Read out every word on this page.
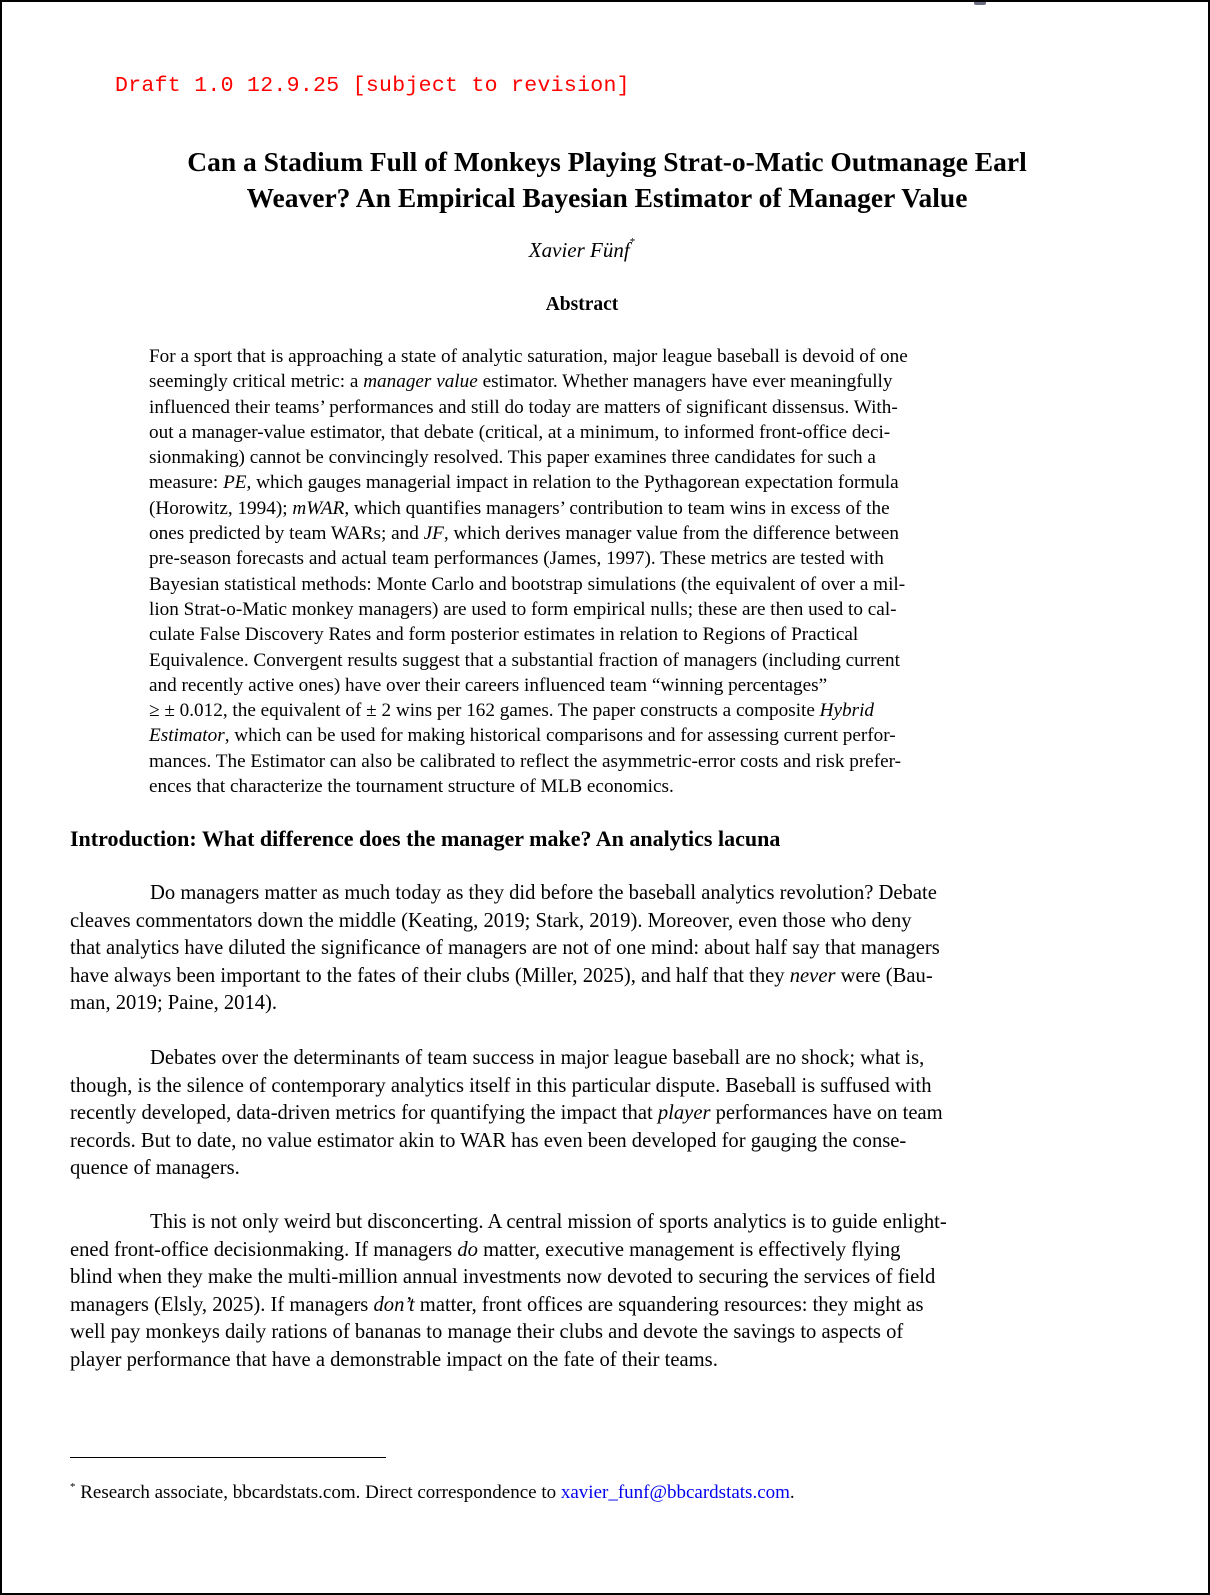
Draft 1.0 12.9.25 [subject to revision]
Can a Stadium Full of Monkeys Playing Strat-o-Matic Outmanage Earl
Weaver? An Empirical Bayesian Estimator of Manager Value
Xavier Fünf*
Abstract
For a sport that is approaching a state of analytic saturation, major league baseball is devoid of one
seemingly critical metric: a manager value estimator. Whether managers have ever meaningfully
influenced their teams’ performances and still do today are matters of significant dissensus. With-
out a manager-value estimator, that debate (critical, at a minimum, to informed front-office deci-
sionmaking) cannot be convincingly resolved. This paper examines three candidates for such a
measure: PE, which gauges managerial impact in relation to the Pythagorean expectation formula
(Horowitz, 1994); mWAR, which quantifies managers’ contribution to team wins in excess of the
ones predicted by team WARs; and JF, which derives manager value from the difference between
pre-season forecasts and actual team performances (James, 1997). These metrics are tested with
Bayesian statistical methods: Monte Carlo and bootstrap simulations (the equivalent of over a mil-
lion Strat-o-Matic monkey managers) are used to form empirical nulls; these are then used to cal-
culate False Discovery Rates and form posterior estimates in relation to Regions of Practical
Equivalence. Convergent results suggest that a substantial fraction of managers (including current
and recently active ones) have over their careers influenced team “winning percentages”
≥ ± 0.012, the equivalent of ± 2 wins per 162 games. The paper constructs a composite Hybrid
Estimator, which can be used for making historical comparisons and for assessing current perfor-
mances. The Estimator can also be calibrated to reflect the asymmetric-error costs and risk prefer-
ences that characterize the tournament structure of MLB economics.
Introduction: What difference does the manager make? An analytics lacuna
Do managers matter as much today as they did before the baseball analytics revolution? Debate
cleaves commentators down the middle (Keating, 2019; Stark, 2019). Moreover, even those who deny
that analytics have diluted the significance of managers are not of one mind: about half say that managers
have always been important to the fates of their clubs (Miller, 2025), and half that they never were (Bau-
man, 2019; Paine, 2014).
Debates over the determinants of team success in major league baseball are no shock; what is,
though, is the silence of contemporary analytics itself in this particular dispute. Baseball is suffused with
recently developed, data-driven metrics for quantifying the impact that player performances have on team
records. But to date, no value estimator akin to WAR has even been developed for gauging the conse-
quence of managers.
This is not only weird but disconcerting. A central mission of sports analytics is to guide enlight-
ened front-office decisionmaking. If managers do matter, executive management is effectively flying
blind when they make the multi-million annual investments now devoted to securing the services of field
managers (Elsly, 2025). If managers don’t matter, front offices are squandering resources: they might as
well pay monkeys daily rations of bananas to manage their clubs and devote the savings to aspects of
player performance that have a demonstrable impact on the fate of their teams.
* Research associate, bbcardstats.com. Direct correspondence to xavier_funf@bbcardstats.com.
